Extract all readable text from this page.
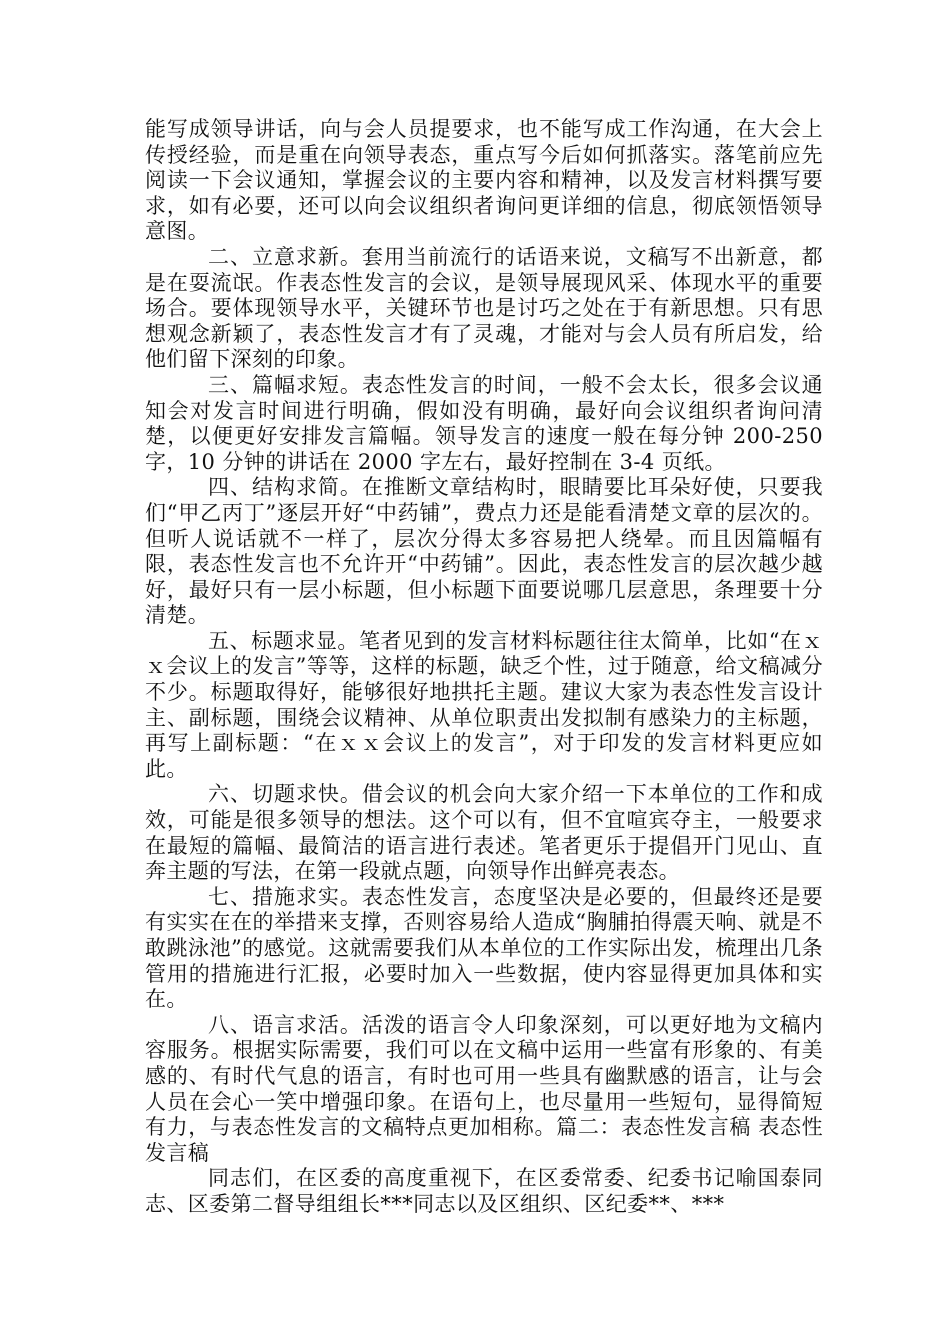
能写成领导讲话，向与会人员提要求，也不能写成工作沟通，在大会上传授经验，而是重在向领导表态，重点写今后如何抓落实。落笔前应先阅读一下会议通知，掌握会议的主要内容和精神，以及发言材料撰写要求，如有必要，还可以向会议组织者询问更详细的信息，彻底领悟领导意图。

二、立意求新。套用当前流行的话语来说，文稿写不出新意，都是在耍流氓。作表态性发言的会议，是领导展现风采、体现水平的重要场合。要体现领导水平，关键环节也是讨巧之处在于有新思想。只有思想观念新颖了，表态性发言才有了灵魂，才能对与会人员有所启发，给他们留下深刻的印象。

三、篇幅求短。表态性发言的时间，一般不会太长，很多会议通知会对发言时间进行明确，假如没有明确，最好向会议组织者询问清楚，以便更好安排发言篇幅。领导发言的速度一般在每分钟 200-250 字，10 分钟的讲话在 2000 字左右，最好控制在 3-4 页纸。

四、结构求简。在推断文章结构时，眼睛要比耳朵好使，只要我们“甲乙丙丁”逐层开好“中药铺”，费点力还是能看清楚文章的层次的。但听人说话就不一样了，层次分得太多容易把人绕晕。而且因篇幅有限，表态性发言也不允许开“中药铺”。因此，表态性发言的层次越少越好，最好只有一层小标题，但小标题下面要说哪几层意思，条理要十分清楚。

五、标题求显。笔者见到的发言材料标题往往太简单，比如“在ｘｘ会议上的发言”等等，这样的标题，缺乏个性，过于随意，给文稿减分不少。标题取得好，能够很好地拱托主题。建议大家为表态性发言设计主、副标题，围绕会议精神、从单位职责出发拟制有感染力的主标题，再写上副标题：“在ｘｘ会议上的发言”，对于印发的发言材料更应如此。

六、切题求快。借会议的机会向大家介绍一下本单位的工作和成效，可能是很多领导的想法。这个可以有，但不宜喧宾夺主，一般要求在最短的篇幅、最简洁的语言进行表述。笔者更乐于提倡开门见山、直奔主题的写法，在第一段就点题，向领导作出鲜亮表态。

七、措施求实。表态性发言，态度坚决是必要的，但最终还是要有实实在在的举措来支撑，否则容易给人造成“胸脯拍得震天响、就是不敢跳泳池”的感觉。这就需要我们从本单位的工作实际出发，梳理出几条管用的措施进行汇报，必要时加入一些数据，使内容显得更加具体和实在。

八、语言求活。活泼的语言令人印象深刻，可以更好地为文稿内容服务。根据实际需要，我们可以在文稿中运用一些富有形象的、有美感的、有时代气息的语言，有时也可用一些具有幽默感的语言，让与会人员在会心一笑中增强印象。在语句上，也尽量用一些短句，显得简短有力，与表态性发言的文稿特点更加相称。篇二：表态性发言稿 表态性发言稿

同志们，在区委的高度重视下，在区委常委、纪委书记喻国泰同志、区委第二督导组组长***同志以及区组织、区纪委**、***
